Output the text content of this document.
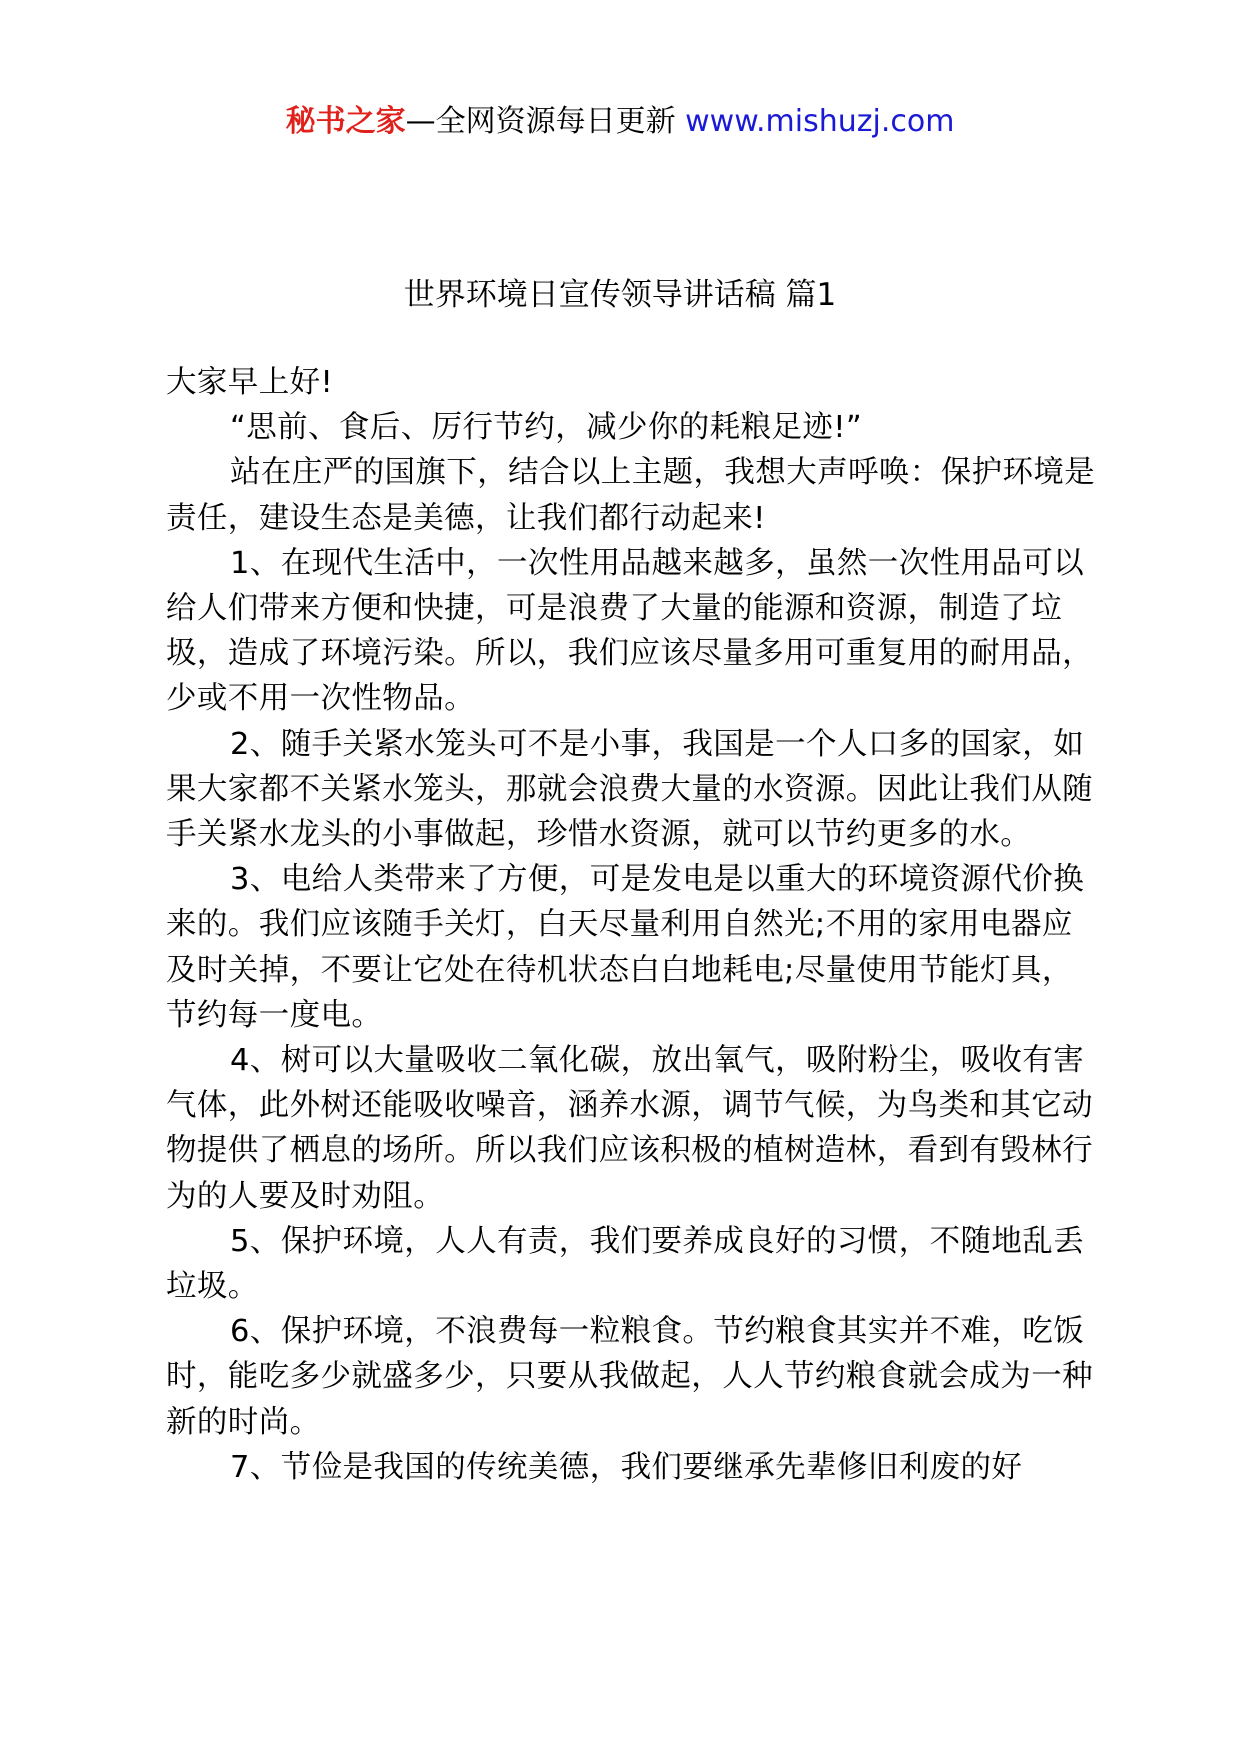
秘书之家—全网资源每日更新 www.mishuzj.com
世界环境日宣传领导讲话稿 篇1

大家早上好!

“思前、食后、厉行节约，减少你的耗粮足迹!”

站在庄严的国旗下，结合以上主题，我想大声呼唤：保护环境是责任，建设生态是美德，让我们都行动起来!

1、在现代生活中，一次性用品越来越多，虽然一次性用品可以给人们带来方便和快捷，可是浪费了大量的能源和资源，制造了垃圾，造成了环境污染。所以，我们应该尽量多用可重复用的耐用品，少或不用一次性物品。

2、随手关紧水笼头可不是小事，我国是一个人口多的国家，如果大家都不关紧水笼头，那就会浪费大量的水资源。因此让我们从随手关紧水龙头的小事做起，珍惜水资源，就可以节约更多的水。

3、电给人类带来了方便，可是发电是以重大的环境资源代价换来的。我们应该随手关灯，白天尽量利用自然光;不用的家用电器应及时关掉，不要让它处在待机状态白白地耗电;尽量使用节能灯具，节约每一度电。

4、树可以大量吸收二氧化碳，放出氧气，吸附粉尘，吸收有害气体，此外树还能吸收噪音，涵养水源，调节气候，为鸟类和其它动物提供了栖息的场所。所以我们应该积极的植树造林，看到有毁林行为的人要及时劝阻。

5、保护环境，人人有责，我们要养成良好的习惯，不随地乱丢垃圾。

6、保护环境，不浪费每一粒粮食。节约粮食其实并不难，吃饭时，能吃多少就盛多少，只要从我做起，人人节约粮食就会成为一种新的时尚。

7、节俭是我国的传统美德，我们要继承先辈修旧利废的好
